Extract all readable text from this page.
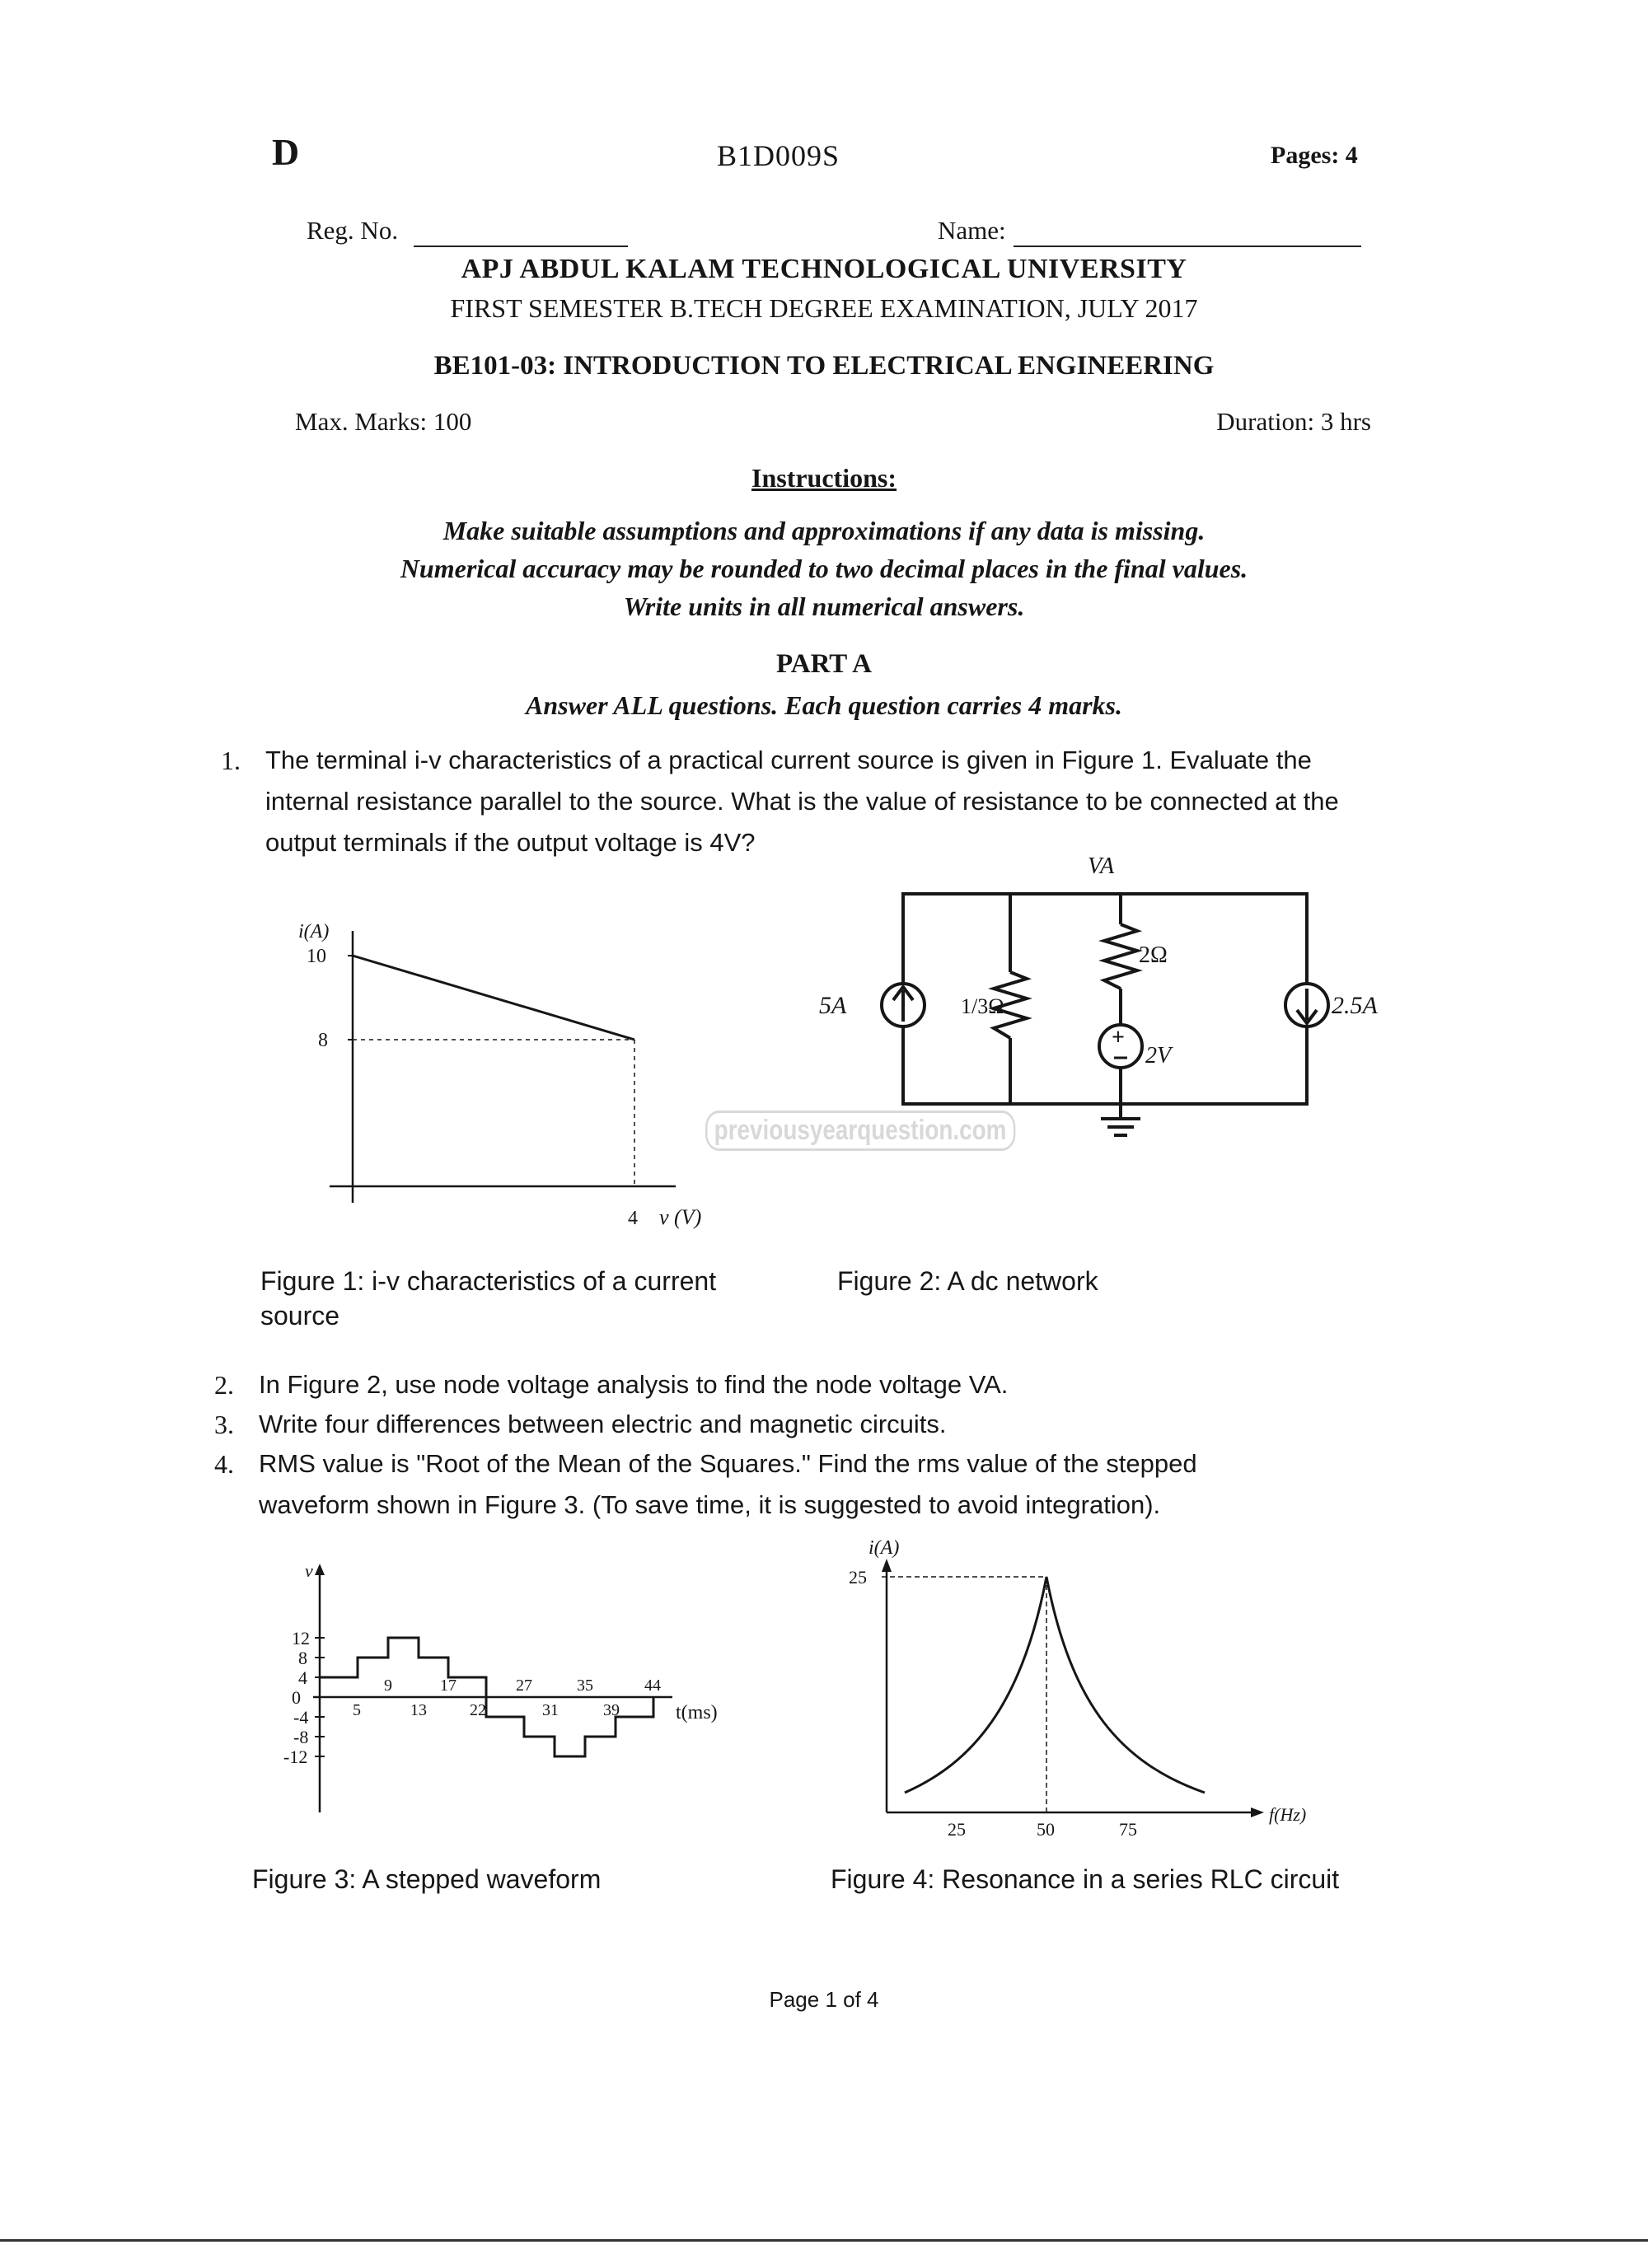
D	B1D009S	Pages: 4
Reg. No.	Name:
APJ ABDUL KALAM TECHNOLOGICAL UNIVERSITY
FIRST SEMESTER B.TECH DEGREE EXAMINATION, JULY 2017
BE101-03: INTRODUCTION TO ELECTRICAL ENGINEERING
Max. Marks: 100	Duration: 3 hrs
Instructions:
Make suitable assumptions and approximations if any data is missing.
Numerical accuracy may be rounded to two decimal places in the final values.
Write units in all numerical answers.
PART A
Answer ALL questions. Each question carries 4 marks.
1. The terminal i-v characteristics of a practical current source is given in Figure 1. Evaluate the internal resistance parallel to the source. What is the value of resistance to be connected at the output terminals if the output voltage is 4V?
i(A)
10
8
4 v (V)
VA
5A	1/3Ω
2Ω
+
2V
2.5A
previousyearquestion.com
Figure 1: i-v characteristics of a current source
Figure 2: A dc network
2. In Figure 2, use node voltage analysis to find the node voltage VA.
3. Write four differences between electric and magnetic circuits.
4. RMS value is "Root of the Mean of the Squares." Find the rms value of the stepped waveform shown in Figure 3. (To save time, it is suggested to avoid integration).
v
12
8
4
0
-4
-8
-12
9	17	27	35	44
5	13	22	31	39	t(ms)
i(A)
25
25	50	75
f(Hz)
Figure 3: A stepped waveform	Figure 4: Resonance in a series RLC circuit
Page 1 of 4
